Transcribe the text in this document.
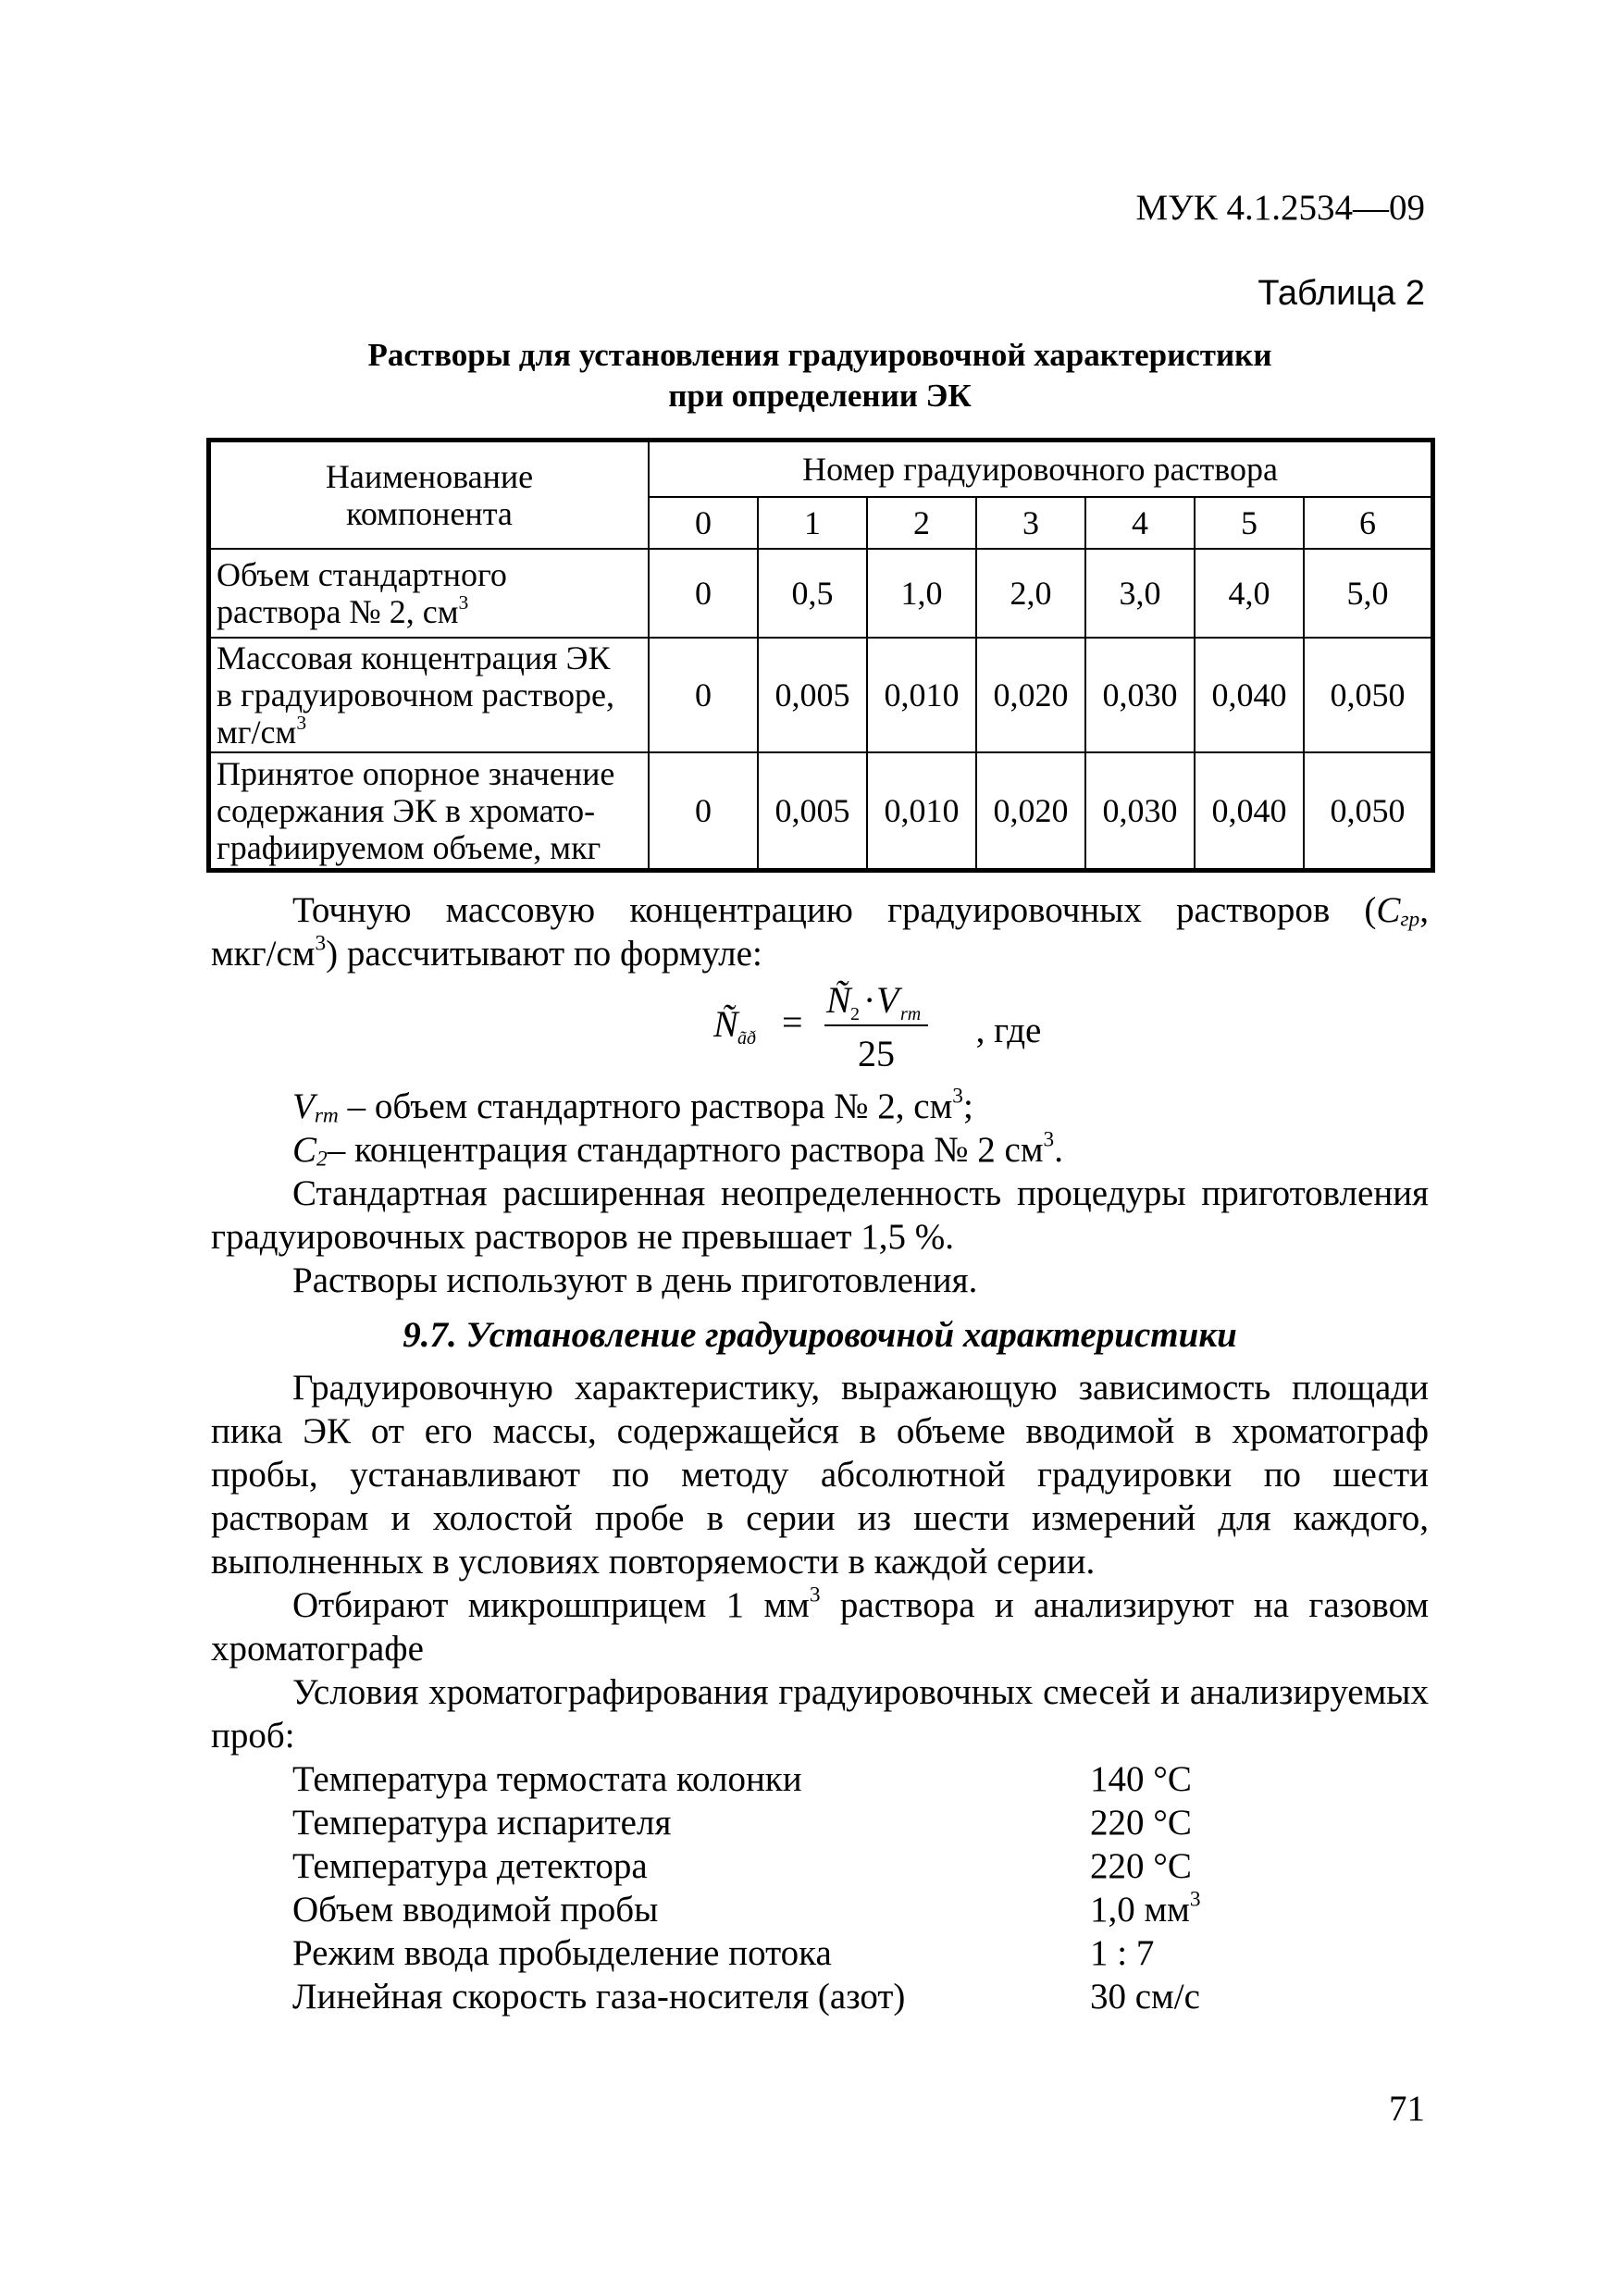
МУК 4.1.2534—09
Таблица 2
Растворы для установления градуировочной характеристики
при определении ЭК
Наименование
компонента	Номер градуировочного раствора						
	0	1	2	3	4	5	6

Объем стандартного
раствора № 2, $см^3$	0	0,5	1,0	2,0	3,0	4,0	5,0

Массовая концентрация ЭК
в градуировочном растворе,
$мг/см^3$	0	0,005	0,010	0,020	0,030	0,040	0,050

Принятое опорное значение
содержания ЭК в хромато-
графиируемом объеме, мкг	0	0,005	0,010	0,020	0,030	0,040	0,050

Точную массовую концентрацию градуировочных растворов ($C_{гр}$,

мкг/$см^3$) рассчитывают по формуле:

Ñ ãð =
Ñ 2 · V rm
25
, где

$V_{rm}$ – объем стандартного раствора № 2, $см^3$;

$C_2-$ концентрация стандартного раствора № 2 $см^3$.

Стандартная расширенная неопределенность процедуры приготовления градуировочных растворов не превышает 1,5 %.

Растворы используют в день приготовления.

9.7. Установление градуировочной характеристики

Градуировочную характеристику, выражающую зависимость площади пика ЭК от его массы, содержащейся в объеме вводимой в хроматограф пробы, устанавливают по методу абсолютной градуировки по шести растворам и холостой пробе в серии из шести измерений для каждого, выполненных в условиях повторяемости в каждой серии.

Отбирают микрошприцем 1 $мм^3$ раствора и анализируют на газовом хроматографе

Условия хроматографирования градуировочных смесей и анализируемых проб:

Температура термостата колонки	140 °С
Температура испарителя	220 °С
Температура детектора	220 °С
Объем вводимой пробы	1,0 $мм^3$
Режим ввода пробыделение потока	1 : 7
Линейная скорость газа-носителя (азот)	30 см/с
71
